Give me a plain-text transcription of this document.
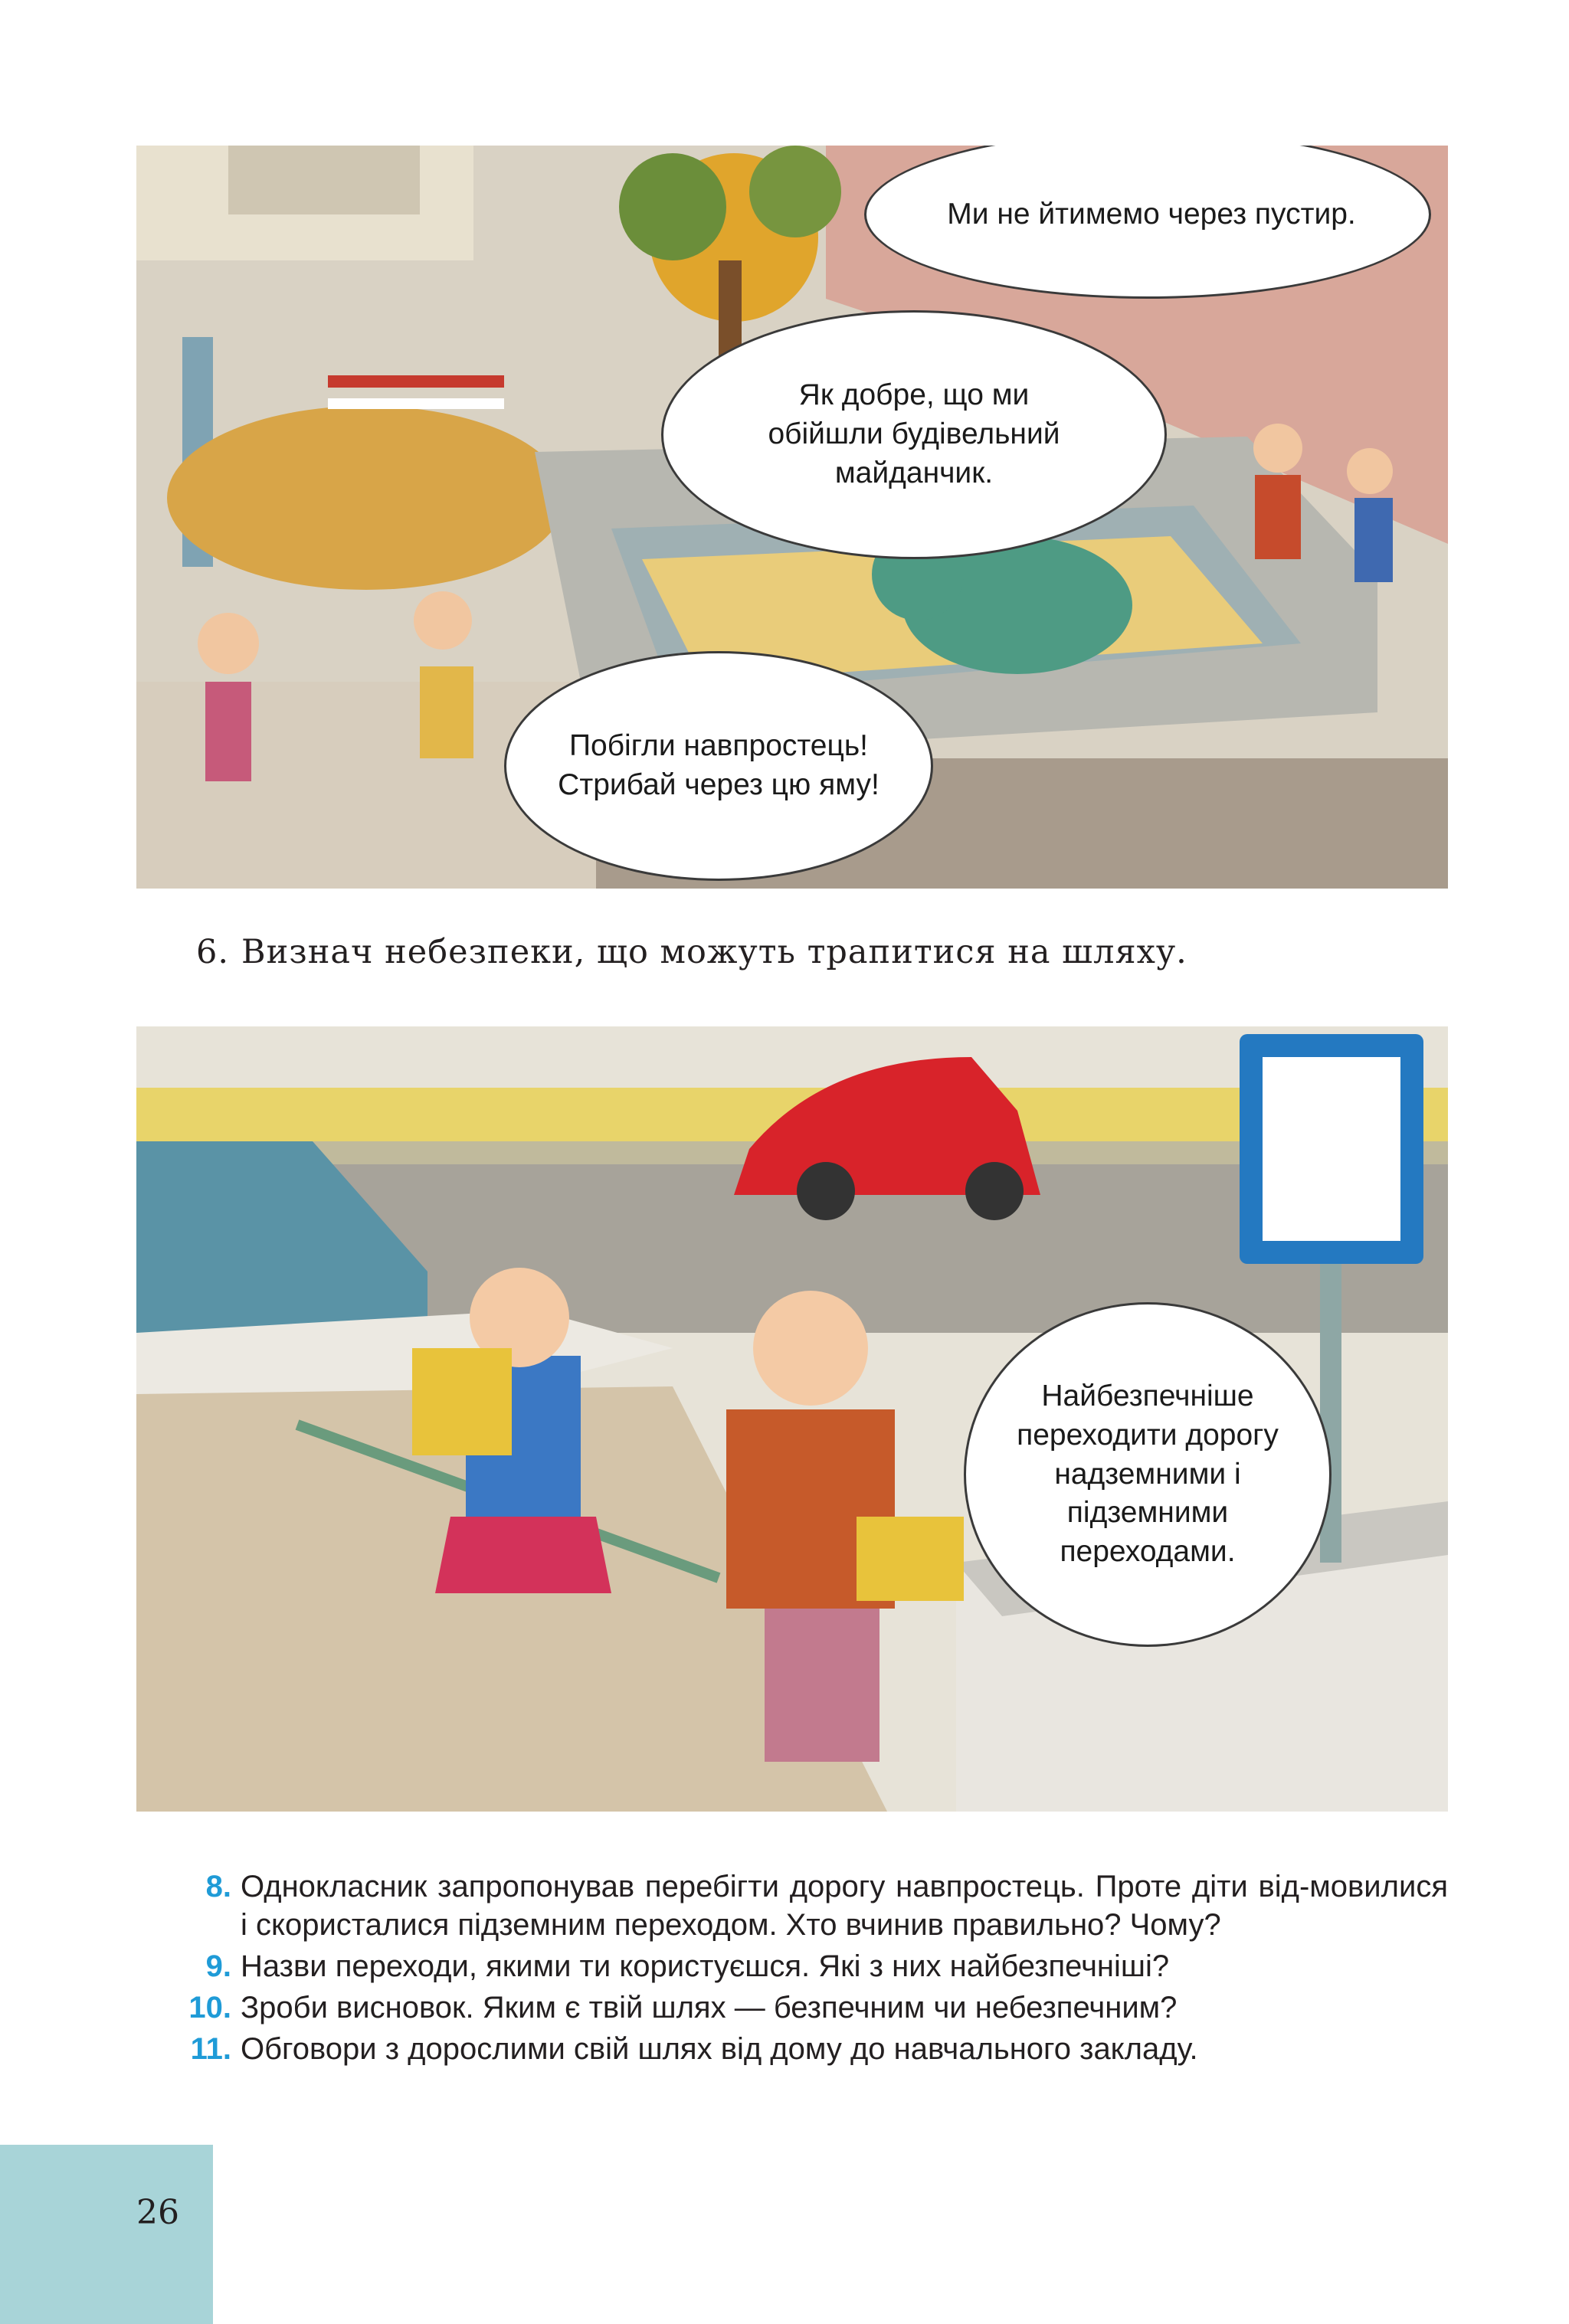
Ми не йтимемо через пустир.
Як добре, що ми
обійшли будівельний
майданчик.
Побігли навпростець!
Стрибай через цю яму!
6. Визнач небезпеки, що можуть трапитися на шляху.
Найбезпечніше
переходити дорогу
надземними і
підземними
переходами.
8. Однокласник запропонував перебігти дорогу навпростець. Проте діти від-мовилися і скористалися підземним переходом. Хто вчинив правильно? Чому?
9. Назви переходи, якими ти користуєшся. Які з них найбезпечніші?
10. Зроби висновок. Яким є твій шлях — безпечним чи небезпечним?
11. Обговори з дорослими свій шлях від дому до навчального закладу.
26
